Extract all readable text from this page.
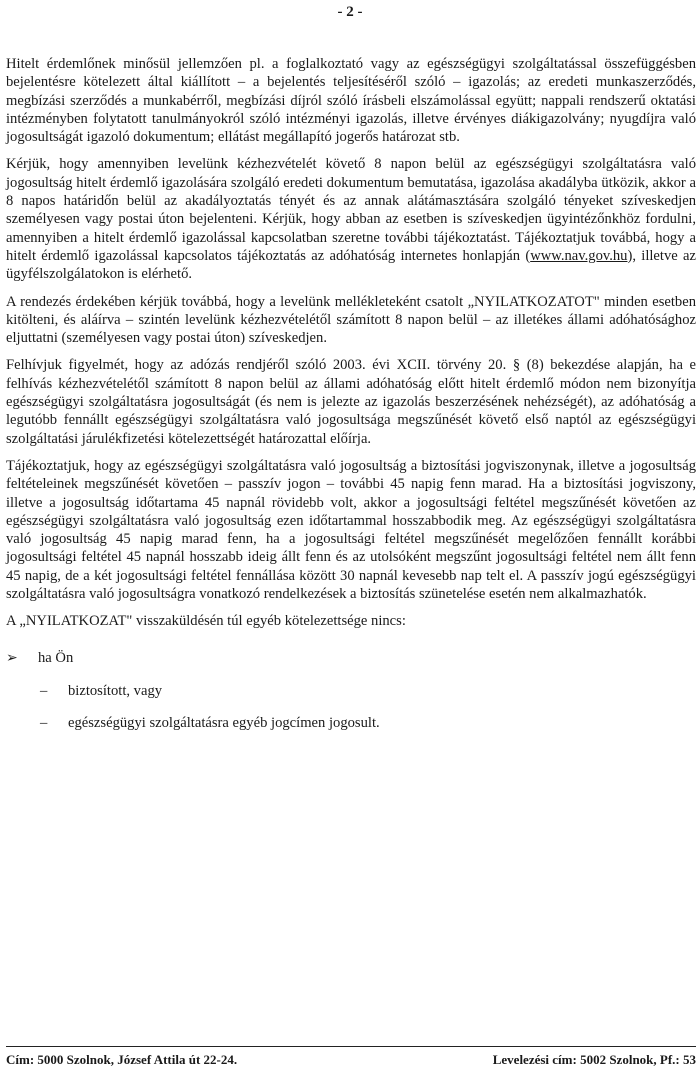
- 2 -

Hitelt érdemlőnek minősül jellemzően pl. a foglalkoztató vagy az egészségügyi szolgáltatással összefüggésben bejelentésre kötelezett által kiállított – a bejelentés teljesítéséről szóló – igazolás; az eredeti munkaszerződés, megbízási szerződés a munkabérről, megbízási díjról szóló írásbeli elszámolással együtt; nappali rendszerű oktatási intézményben folytatott tanulmányokról szóló intézményi igazolás, illetve érvényes diákigazolvány; nyugdíjra való jogosultságát igazoló dokumentum; ellátást megállapító jogerős határozat stb.

Kérjük, hogy amennyiben levelünk kézhezvételét követő 8 napon belül az egészségügyi szolgáltatásra való jogosultság hitelt érdemlő igazolására szolgáló eredeti dokumentum bemutatása, igazolása akadályba ütközik, akkor a 8 napos határidőn belül az akadályoztatás tényét és az annak alátámasztására szolgáló tényeket szíveskedjen személyesen vagy postai úton bejelenteni. Kérjük, hogy abban az esetben is szíveskedjen ügyintézőnkhöz fordulni, amennyiben a hitelt érdemlő igazolással kapcsolatban szeretne további tájékoztatást. Tájékoztatjuk továbbá, hogy a hitelt érdemlő igazolással kapcsolatos tájékoztatás az adóhatóság internetes honlapján (www.nav.gov.hu), illetve az ügyfélszolgálatokon is elérhető.

A rendezés érdekében kérjük továbbá, hogy a levelünk mellékleteként csatolt „NYILATKOZATOT" minden esetben kitölteni, és aláírva – szintén levelünk kézhezvételétől számított 8 napon belül – az illetékes állami adóhatósághoz eljuttatni (személyesen vagy postai úton) szíveskedjen.

Felhívjuk figyelmét, hogy az adózás rendjéről szóló 2003. évi XCII. törvény 20. § (8) bekezdése alapján, ha e felhívás kézhezvételétől számított 8 napon belül az állami adóhatóság előtt hitelt érdemlő módon nem bizonyítja egészségügyi szolgáltatásra jogosultságát (és nem is jelezte az igazolás beszerzésének nehézségét), az adóhatóság a legutóbb fennállt egészségügyi szolgáltatásra való jogosultsága megszűnését követő első naptól az egészségügyi szolgáltatási járulékfizetési kötelezettségét határozattal előírja.

Tájékoztatjuk, hogy az egészségügyi szolgáltatásra való jogosultság a biztosítási jogviszonynak, illetve a jogosultság feltételeinek megszűnését követően – passzív jogon – további 45 napig fenn marad. Ha a biztosítási jogviszony, illetve a jogosultság időtartama 45 napnál rövidebb volt, akkor a jogosultsági feltétel megszűnését követően az egészségügyi szolgáltatásra való jogosultság ezen időtartammal hosszabbodik meg. Az egészségügyi szolgáltatásra való jogosultság 45 napig marad fenn, ha a jogosultsági feltétel megszűnését megelőzően fennállt korábbi jogosultsági feltétel 45 napnál hosszabb ideig állt fenn és az utolsóként megszűnt jogosultsági feltétel nem állt fenn 45 napig, de a két jogosultsági feltétel fennállása között 30 napnál kevesebb nap telt el. A passzív jogú egészségügyi szolgáltatásra való jogosultságra vonatkozó rendelkezések a biztosítás szünetelése esetén nem alkalmazhatók.

A „NYILATKOZAT" visszaküldésén túl egyéb kötelezettsége nincs:

➢	ha Ön
–	biztosított, vagy
–	egészségügyi szolgáltatásra egyéb jogcímen jogosult.
Cím: 5000 Szolnok, József Attila út 22-24.	Levelezési cím: 5002 Szolnok, Pf.: 53
